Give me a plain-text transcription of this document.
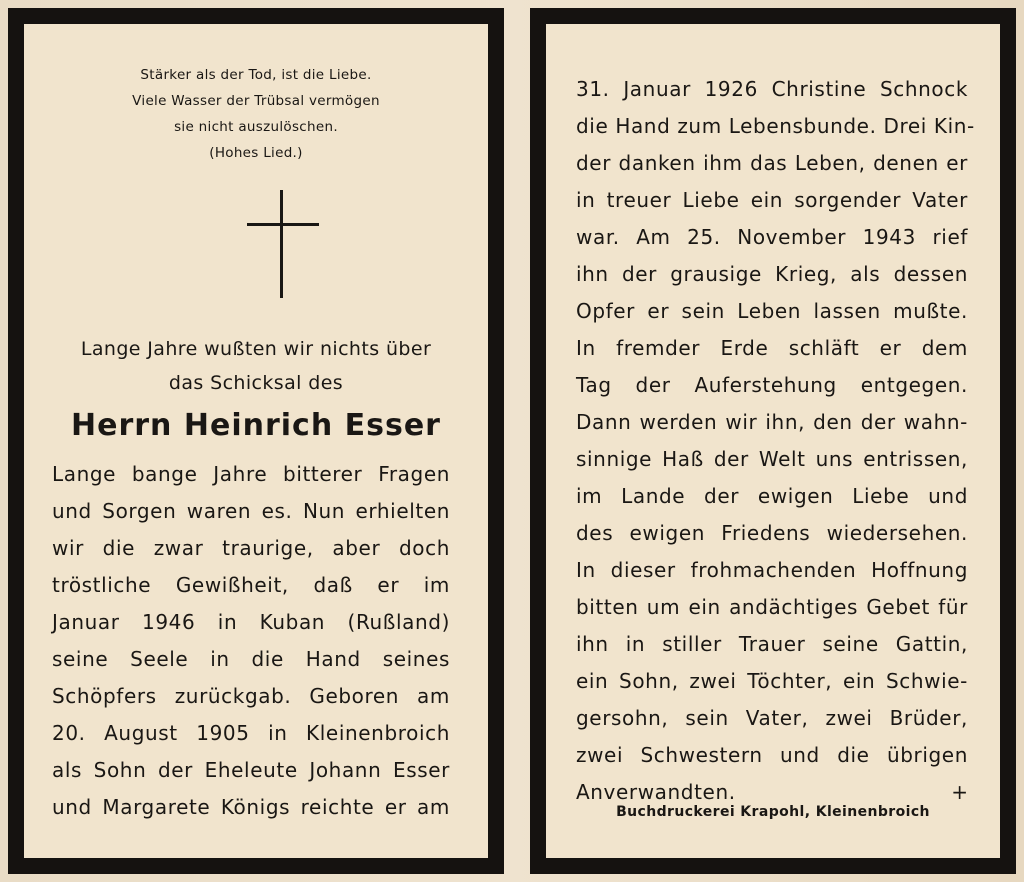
Stärker als der Tod, ist die Liebe.
Viele Wasser der Trübsal vermögen
sie nicht auszulöschen.
(Hohes Lied.)
Lange Jahre wußten wir nichts über
das Schicksal des
Herrn Heinrich Esser
Lange bange Jahre bitterer Fragen
und Sorgen waren es. Nun erhielten
wir die zwar traurige, aber doch
tröstliche Gewißheit, daß er im
Januar 1946 in Kuban (Rußland)
seine Seele in die Hand seines
Schöpfers zurückgab. Geboren am
20. August 1905 in Kleinenbroich
als Sohn der Eheleute Johann Esser
und Margarete Königs reichte er am
31. Januar 1926 Christine Schnock
die Hand zum Lebensbunde. Drei Kin-
der danken ihm das Leben, denen er
in treuer Liebe ein sorgender Vater
war. Am 25. November 1943 rief
ihn der grausige Krieg, als dessen
Opfer er sein Leben lassen mußte.
In fremder Erde schläft er dem
Tag der Auferstehung entgegen.
Dann werden wir ihn, den der wahn-
sinnige Haß der Welt uns entrissen,
im Lande der ewigen Liebe und
des ewigen Friedens wiedersehen.
In dieser frohmachenden Hoffnung
bitten um ein andächtiges Gebet für
ihn in stiller Trauer seine Gattin,
ein Sohn, zwei Töchter, ein Schwie-
gersohn, sein Vater, zwei Brüder,
zwei Schwestern und die übrigen
Anverwandten.	+
Buchdruckerei Krapohl, Kleinenbroich
